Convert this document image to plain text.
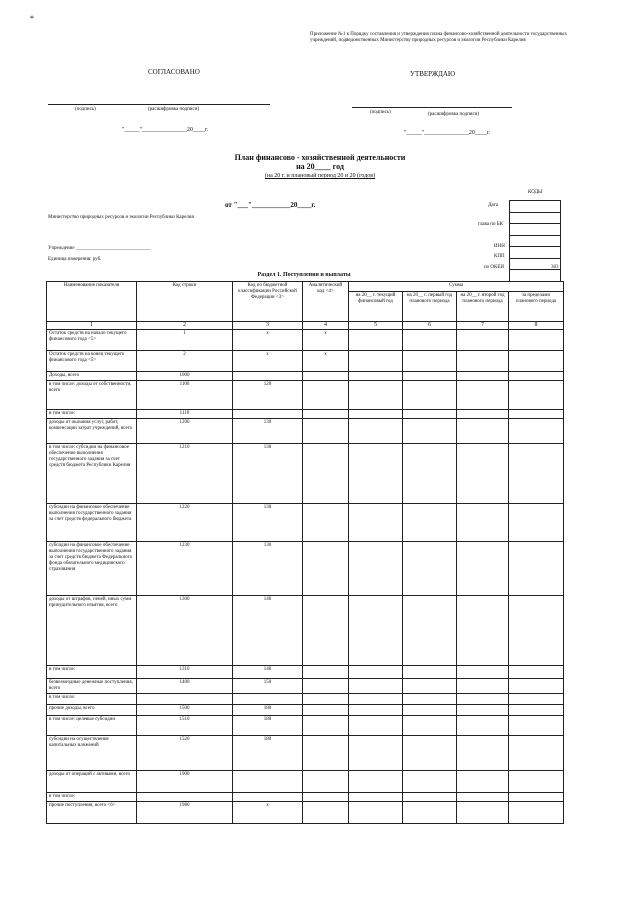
*
Приложение №1 к Порядку составления и утверждения плана финансово-хозяйственной деятельности государственных учреждений, подведомственных Министерству природных ресурсов и экологии Республики Карелия
СОГЛАСОВАНО
(подпись)	(расшифровка подписи)
"_____"_______________20____г.
УТВЕРЖДАЮ
(подпись)	(расшифровка подписи)
"_____"_______________20____г.
План финансово - хозяйственной деятельности
на 20____ год
(на 20 г. и плановый период 20 и 20 (годов)
от "___"___________20____г.
КОДЫ
Дата
глава по БК
ИНН
КПП
по ОКЕИ	383
Министерство природных ресурсов и экологии Республики Карелия
Учреждение ______________________________
Единица измерения: руб.
Раздел 1. Поступления и выплаты
Наименование показателя	Код строки	Код по бюджетной классификации Российской Федерации <3>	Аналитический код <4>	Сумма			
				на 20__ г. текущий финансовый год	на 20__ г. первый год планового периода	на 20__ г. второй год планового периода	за пределами планового периода
1	2	3	4	5	6	7	8
Остаток средств на начало текущего финансового года <5>	1	x	x				
Остаток средств на конец текущего финансового года <5>	2	x	x				
Доходы, всего	1000						
в том числе: доходы от собственности, всего	1100	120					
в том числе:	1110						
доходы от оказания услуг, работ, компенсации затрат учреждений, всего	1200	130					
в том числе: субсидии на финансовое обеспечение выполнения государственного задания за счет средств бюджета Республики Карелия	1210	130					
субсидии на финансовое обеспечение выполнения государственного задания за счет средств федерального бюджета	1220	130					
субсидии на финансовое обеспечение выполнения государственного задания за счет средств бюджета Федерального фонда обязательного медицинского страхования	1230	130					
доходы от штрафов, пеней, иных сумм принудительного изъятия, всего	1300	140					
в том числе:	1310	140					
безвозмездные денежные поступления, всего	1400	150					
в том числе:							
прочие доходы, всего	1500	180					
в том числе: целевые субсидии	1510	180					
субсидии на осуществление капитальных вложений	1520	180					
доходы от операций с активами, всего	1900						
в том числе:							
прочие поступления, всего <6>	1980	x					
